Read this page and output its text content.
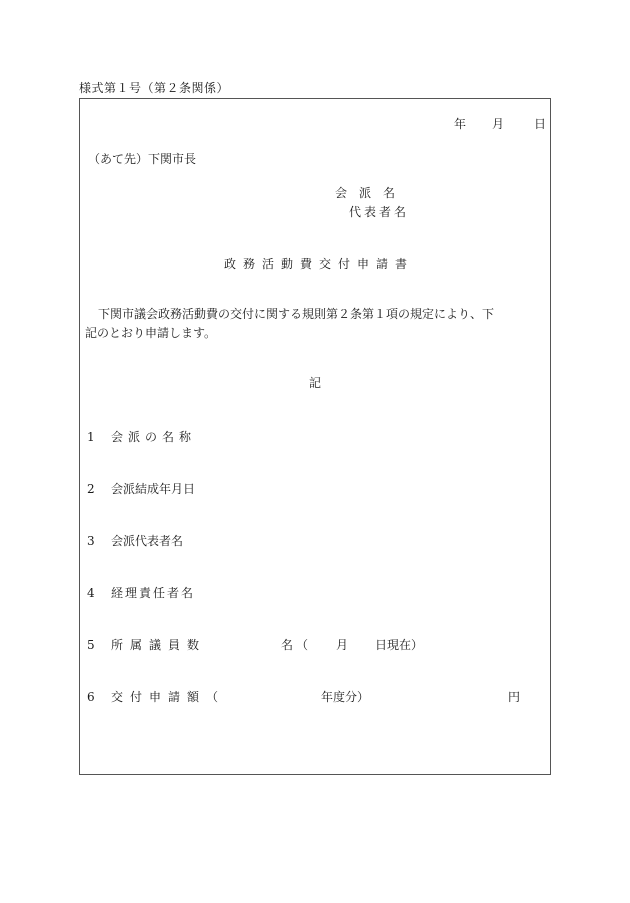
様式第１号（第２条関係）
年 月 日
（あて先）下関市長
会　派　名
代表者名
政務活動費交付申請書
下関市議会政務活動費の交付に関する規則第２条第１項の規定により、下
記のとおり申請します。
記
1 会派の名称
2 会派結成年月日
3 会派代表者名
4 経理責任者名
5 所属議員数	名（ 月 日現在）
6 交付申請額（	年度分）	円
